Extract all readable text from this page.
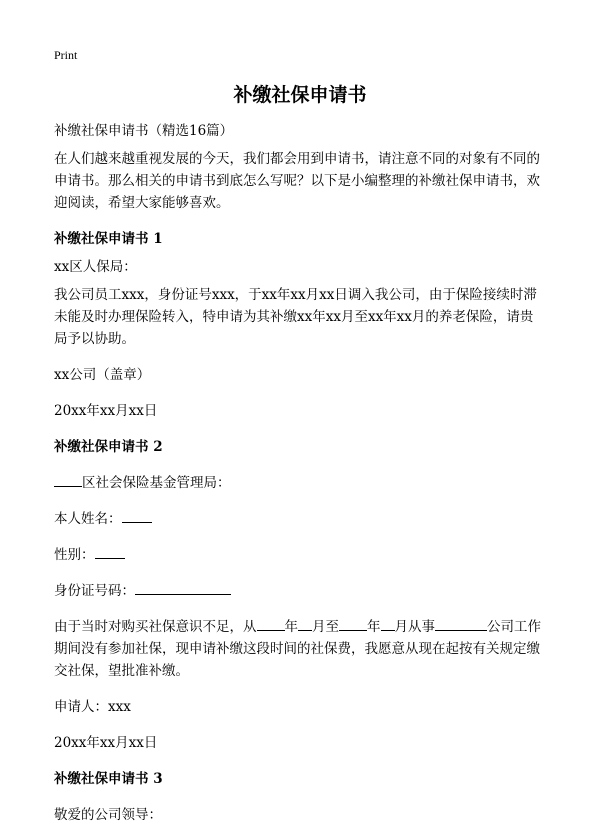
Print
补缴社保申请书

补缴社保申请书（精选16篇）

在人们越来越重视发展的今天，我们都会用到申请书，请注意不同的对象有不同的申请书。那么相关的申请书到底怎么写呢？以下是小编整理的补缴社保申请书，欢迎阅读，希望大家能够喜欢。

补缴社保申请书 1

xx区人保局：

我公司员工xxx，身份证号xxx，于xx年xx月xx日调入我公司，由于保险接续时滞未能及时办理保险转入，特申请为其补缴xx年xx月至xx年xx月的养老保险，请贵局予以协助。

xx公司（盖章）

20xx年xx月xx日

补缴社保申请书 2

区社会保险基金管理局：

本人姓名：

性别：

身份证号码：

由于当时对购买社保意识不足，从 年 月至 年 月从事	公司工作期间没有参加社保，现申请补缴这段时间的社保费，我愿意从现在起按有关规定缴交社保，望批准补缴。

申请人：xxx

20xx年xx月xx日

补缴社保申请书 3

敬爱的公司领导：
